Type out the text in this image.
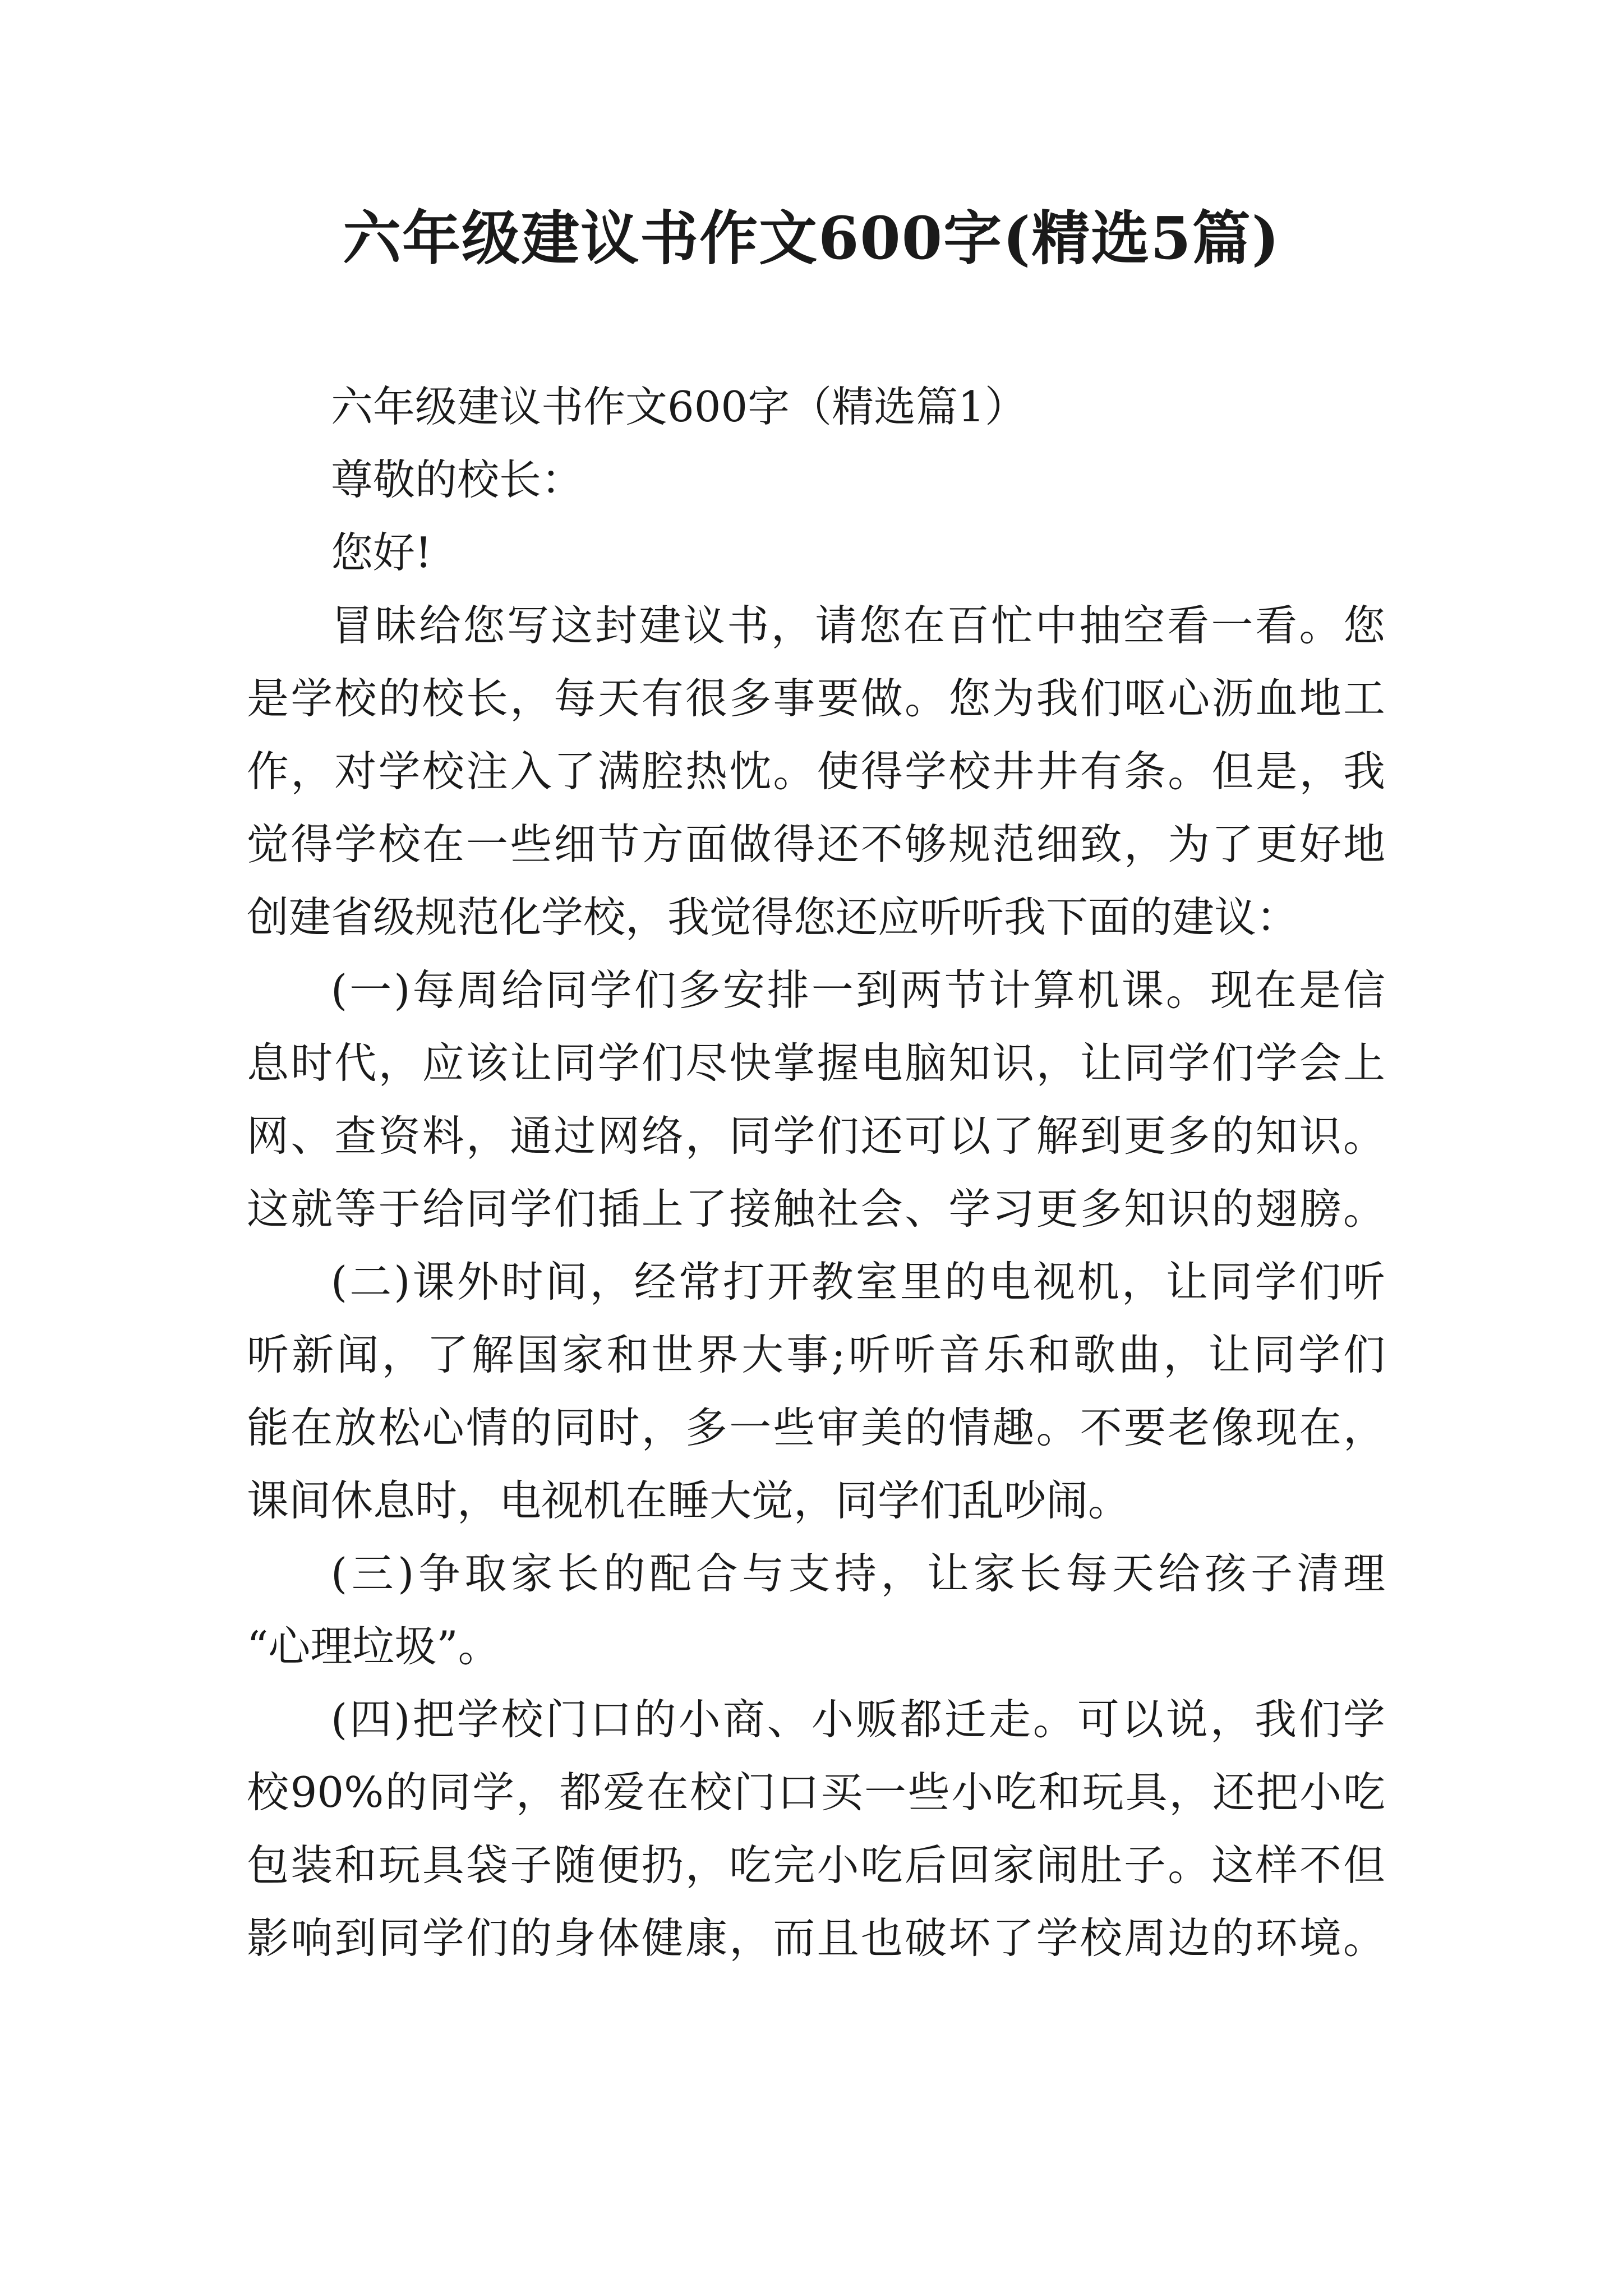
六年级建议书作文600字(精选5篇)
六年级建议书作文600字（精选篇1）
尊敬的校长：
您好!
冒昧给您写这封建议书，请您在百忙中抽空看一看。您
是学校的校长，每天有很多事要做。您为我们呕心沥血地工
作，对学校注入了满腔热忱。使得学校井井有条。但是，我
觉得学校在一些细节方面做得还不够规范细致，为了更好地
创建省级规范化学校，我觉得您还应听听我下面的建议：
(一)每周给同学们多安排一到两节计算机课。现在是信
息时代，应该让同学们尽快掌握电脑知识，让同学们学会上
网、查资料，通过网络，同学们还可以了解到更多的知识。
这就等于给同学们插上了接触社会、学习更多知识的翅膀。
(二)课外时间，经常打开教室里的电视机，让同学们听
听新闻，了解国家和世界大事;听听音乐和歌曲，让同学们
能在放松心情的同时，多一些审美的情趣。不要老像现在，
课间休息时，电视机在睡大觉，同学们乱吵闹。
(三)争取家长的配合与支持，让家长每天给孩子清理
“心理垃圾”。
(四)把学校门口的小商、小贩都迁走。可以说，我们学
校90%的同学，都爱在校门口买一些小吃和玩具，还把小吃
包装和玩具袋子随便扔，吃完小吃后回家闹肚子。这样不但
影响到同学们的身体健康，而且也破坏了学校周边的环境。
